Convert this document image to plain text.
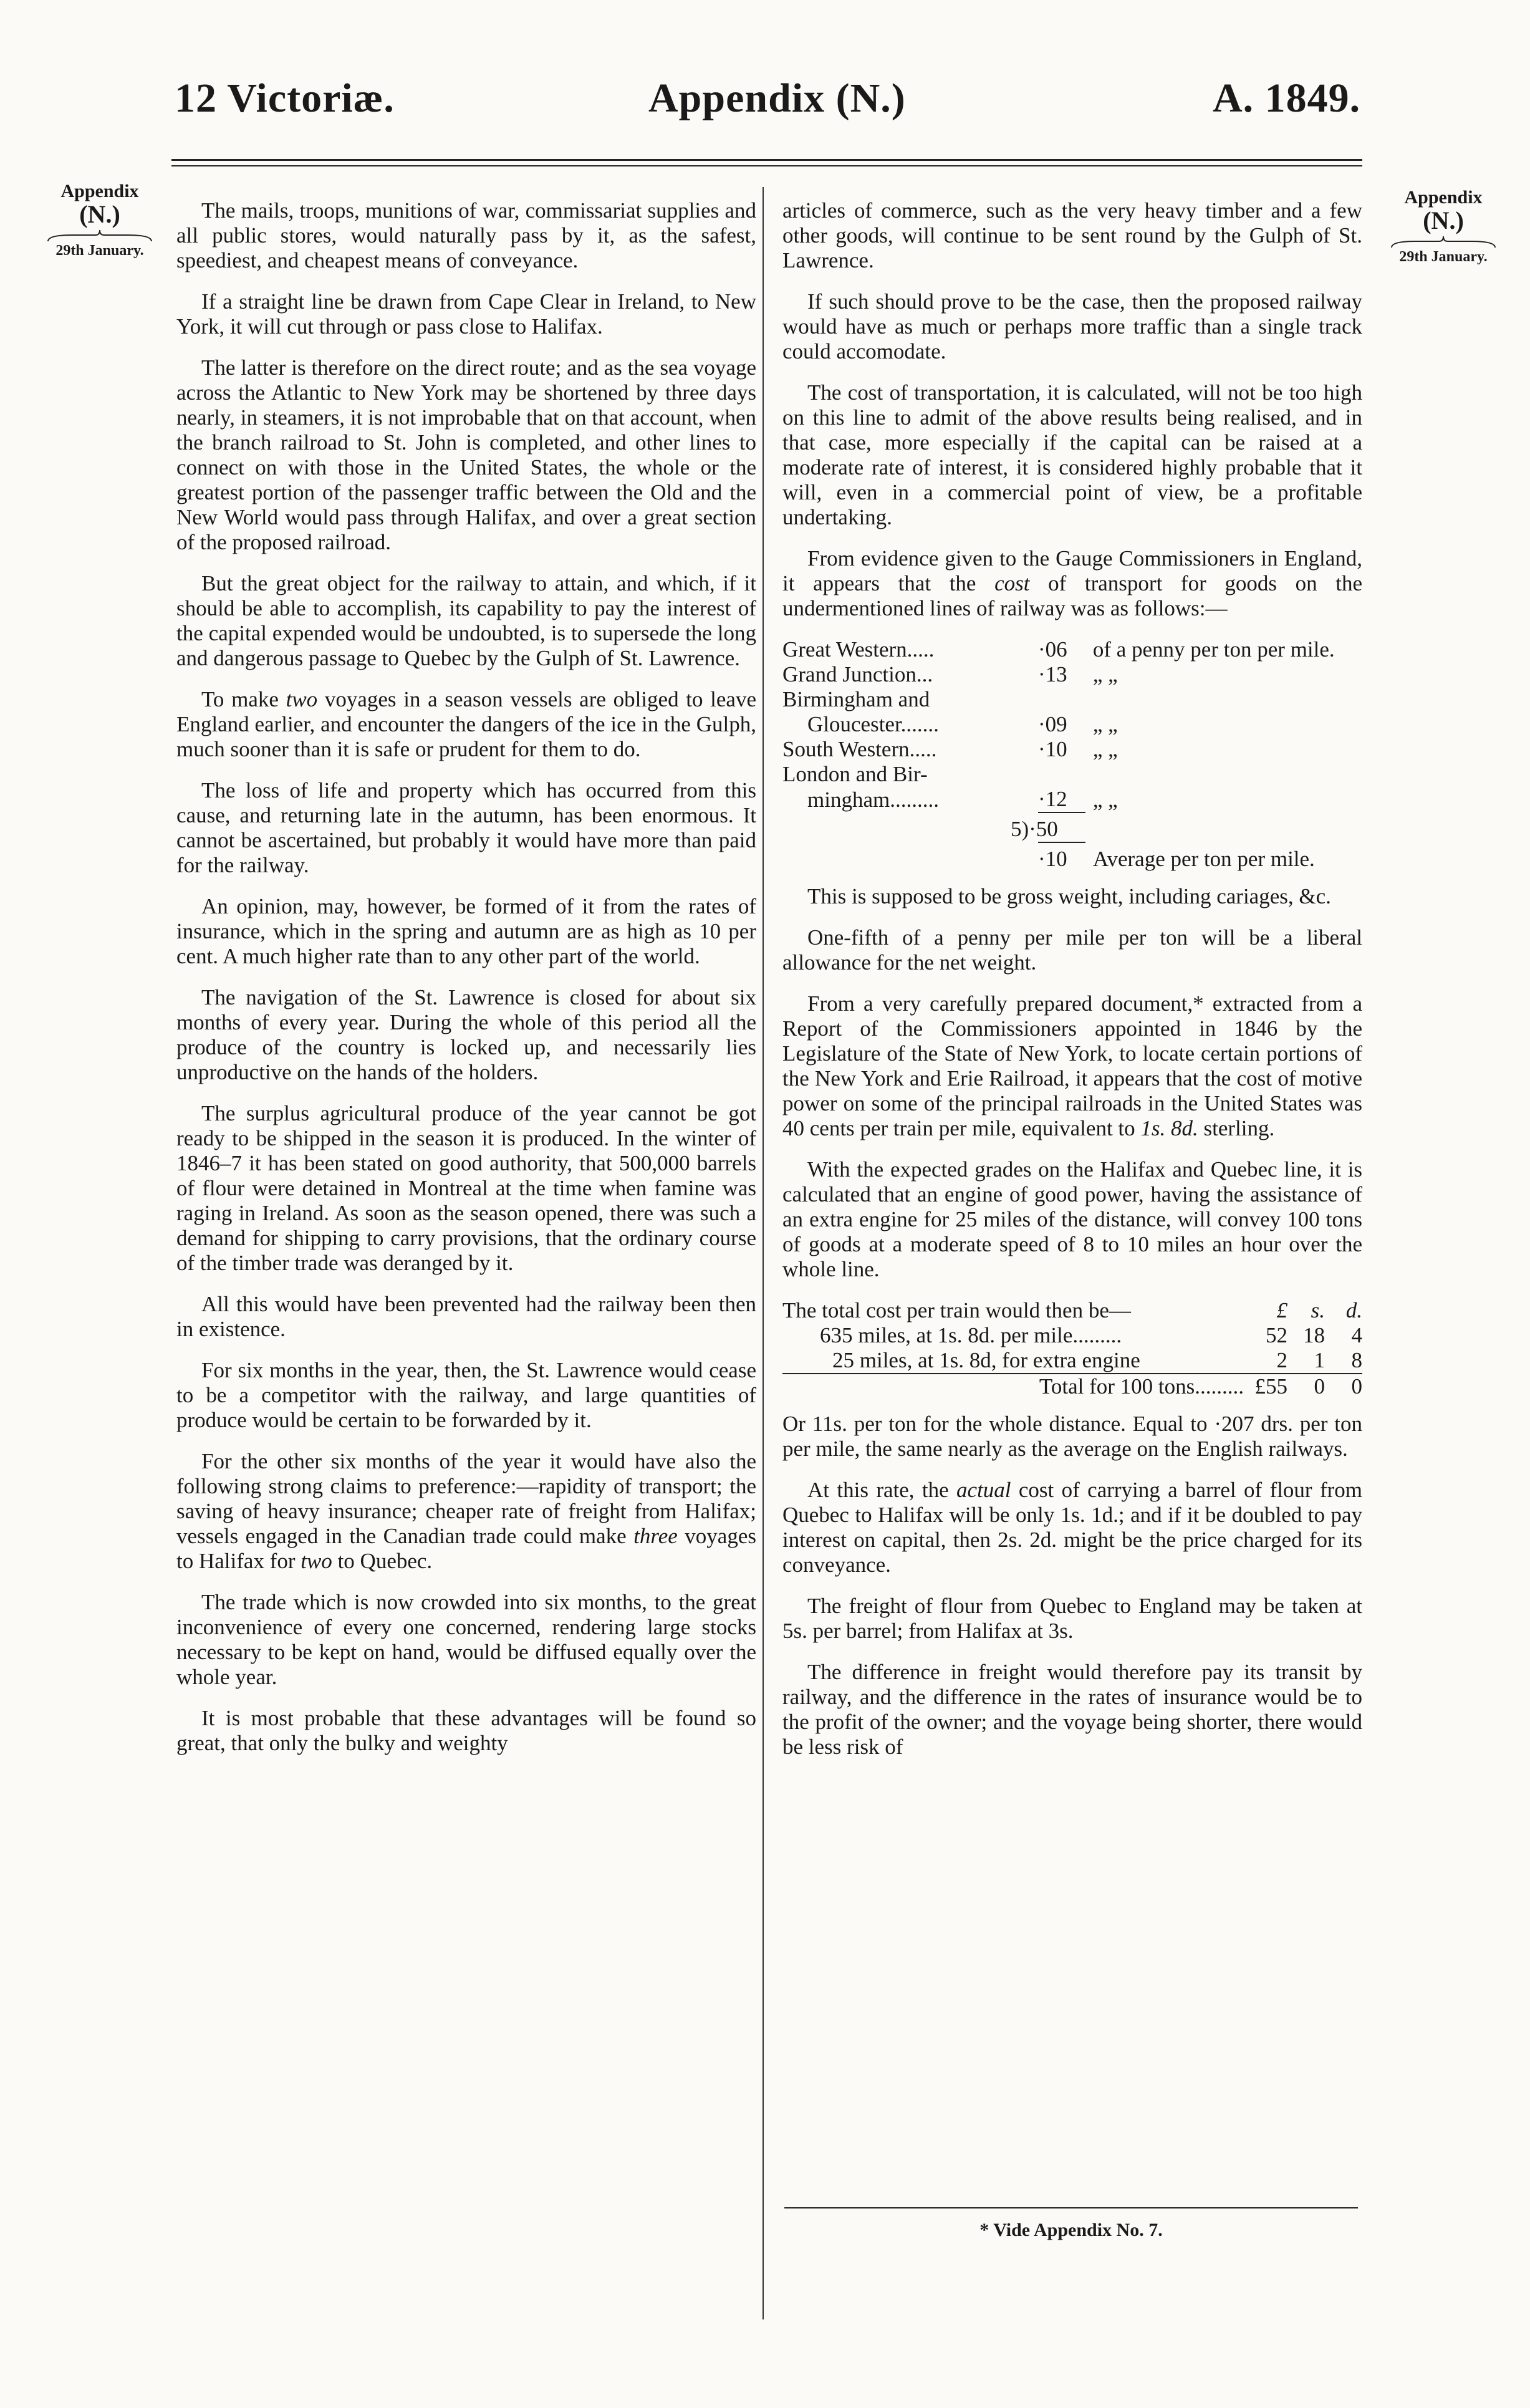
12 Victoriæ.	Appendix (N.)	A. 1849.
Appendix
(N.)
29th January.
Appendix
(N.)
29th January.

The mails, troops, munitions of war, commissariat supplies and all public stores, would naturally pass by it, as the safest, speediest, and cheapest means of conveyance.

If a straight line be drawn from Cape Clear in Ireland, to New York, it will cut through or pass close to Halifax.

The latter is therefore on the direct route; and as the sea voyage across the Atlantic to New York may be shortened by three days nearly, in steamers, it is not improbable that on that account, when the branch railroad to St. John is completed, and other lines to connect on with those in the United States, the whole or the greatest portion of the passenger traffic between the Old and the New World would pass through Halifax, and over a great section of the proposed railroad.

But the great object for the railway to attain, and which, if it should be able to accomplish, its capability to pay the interest of the capital expended would be undoubted, is to supersede the long and dangerous passage to Quebec by the Gulph of St. Lawrence.

To make two voyages in a season vessels are obliged to leave England earlier, and encounter the dangers of the ice in the Gulph, much sooner than it is safe or prudent for them to do.

The loss of life and property which has occurred from this cause, and returning late in the autumn, has been enormous. It cannot be ascertained, but probably it would have more than paid for the railway.

An opinion, may, however, be formed of it from the rates of insurance, which in the spring and autumn are as high as 10 per cent. A much higher rate than to any other part of the world.

The navigation of the St. Lawrence is closed for about six months of every year. During the whole of this period all the produce of the country is locked up, and necessarily lies unproductive on the hands of the holders.

The surplus agricultural produce of the year cannot be got ready to be shipped in the season it is produced. In the winter of 1846–7 it has been stated on good authority, that 500,000 barrels of flour were detained in Montreal at the time when famine was raging in Ireland. As soon as the season opened, there was such a demand for shipping to carry provisions, that the ordinary course of the timber trade was deranged by it.

All this would have been prevented had the railway been then in existence.

For six months in the year, then, the St. Lawrence would cease to be a competitor with the railway, and large quantities of produce would be certain to be forwarded by it.

For the other six months of the year it would have also the following strong claims to preference:—rapidity of transport; the saving of heavy insurance; cheaper rate of freight from Halifax; vessels engaged in the Canadian trade could make three voyages to Halifax for two to Quebec.

The trade which is now crowded into six months, to the great inconvenience of every one concerned, rendering large stocks necessary to be kept on hand, would be diffused equally over the whole year.

It is most probable that these advantages will be found so great, that only the bulky and weighty

articles of commerce, such as the very heavy timber and a few other goods, will continue to be sent round by the Gulph of St. Lawrence.

If such should prove to be the case, then the proposed railway would have as much or perhaps more traffic than a single track could accomodate.

The cost of transportation, it is calculated, will not be too high on this line to admit of the above results being realised, and in that case, more especially if the capital can be raised at a moderate rate of interest, it is considered highly probable that it will, even in a commercial point of view, be a profitable undertaking.

From evidence given to the Gauge Commissioners in England, it appears that the cost of transport for goods on the undermentioned lines of railway was as follows:—

Great Western.....	·06	of a penny per ton per mile.
Grand Junction...	·13	„ „
Birmingham and		
Gloucester.......	·09	„ „
South Western.....	·10	„ „
London and Bir-		
mingham.........	·12	„ „
	5)·50	
	·10	Average per ton per mile.

This is supposed to be gross weight, including cariages, &c.

One-fifth of a penny per mile per ton will be a liberal allowance for the net weight.

From a very carefully prepared document,* extracted from a Report of the Commissioners appointed in 1846 by the Legislature of the State of New York, to locate certain portions of the New York and Erie Railroad, it appears that the cost of motive power on some of the principal railroads in the United States was 40 cents per train per mile, equivalent to 1s. 8d. sterling.

With the expected grades on the Halifax and Quebec line, it is calculated that an engine of good power, having the assistance of an extra engine for 25 miles of the distance, will convey 100 tons of goods at a moderate speed of 8 to 10 miles an hour over the whole line.

The total cost per train would then be—	£	s.	d.
635 miles, at 1s. 8d. per mile.........	52	18	4
25 miles, at 1s. 8d, for extra engine	2	1	8
Total for 100 tons.........	£55	0	0

Or 11s. per ton for the whole distance. Equal to ·207 drs. per ton per mile, the same nearly as the average on the English railways.

At this rate, the actual cost of carrying a barrel of flour from Quebec to Halifax will be only 1s. 1d.; and if it be doubled to pay interest on capital, then 2s. 2d. might be the price charged for its conveyance.

The freight of flour from Quebec to England may be taken at 5s. per barrel; from Halifax at 3s.

The difference in freight would therefore pay its transit by railway, and the difference in the rates of insurance would be to the profit of the owner; and the voyage being shorter, there would be less risk of

* Vide Appendix No. 7.
